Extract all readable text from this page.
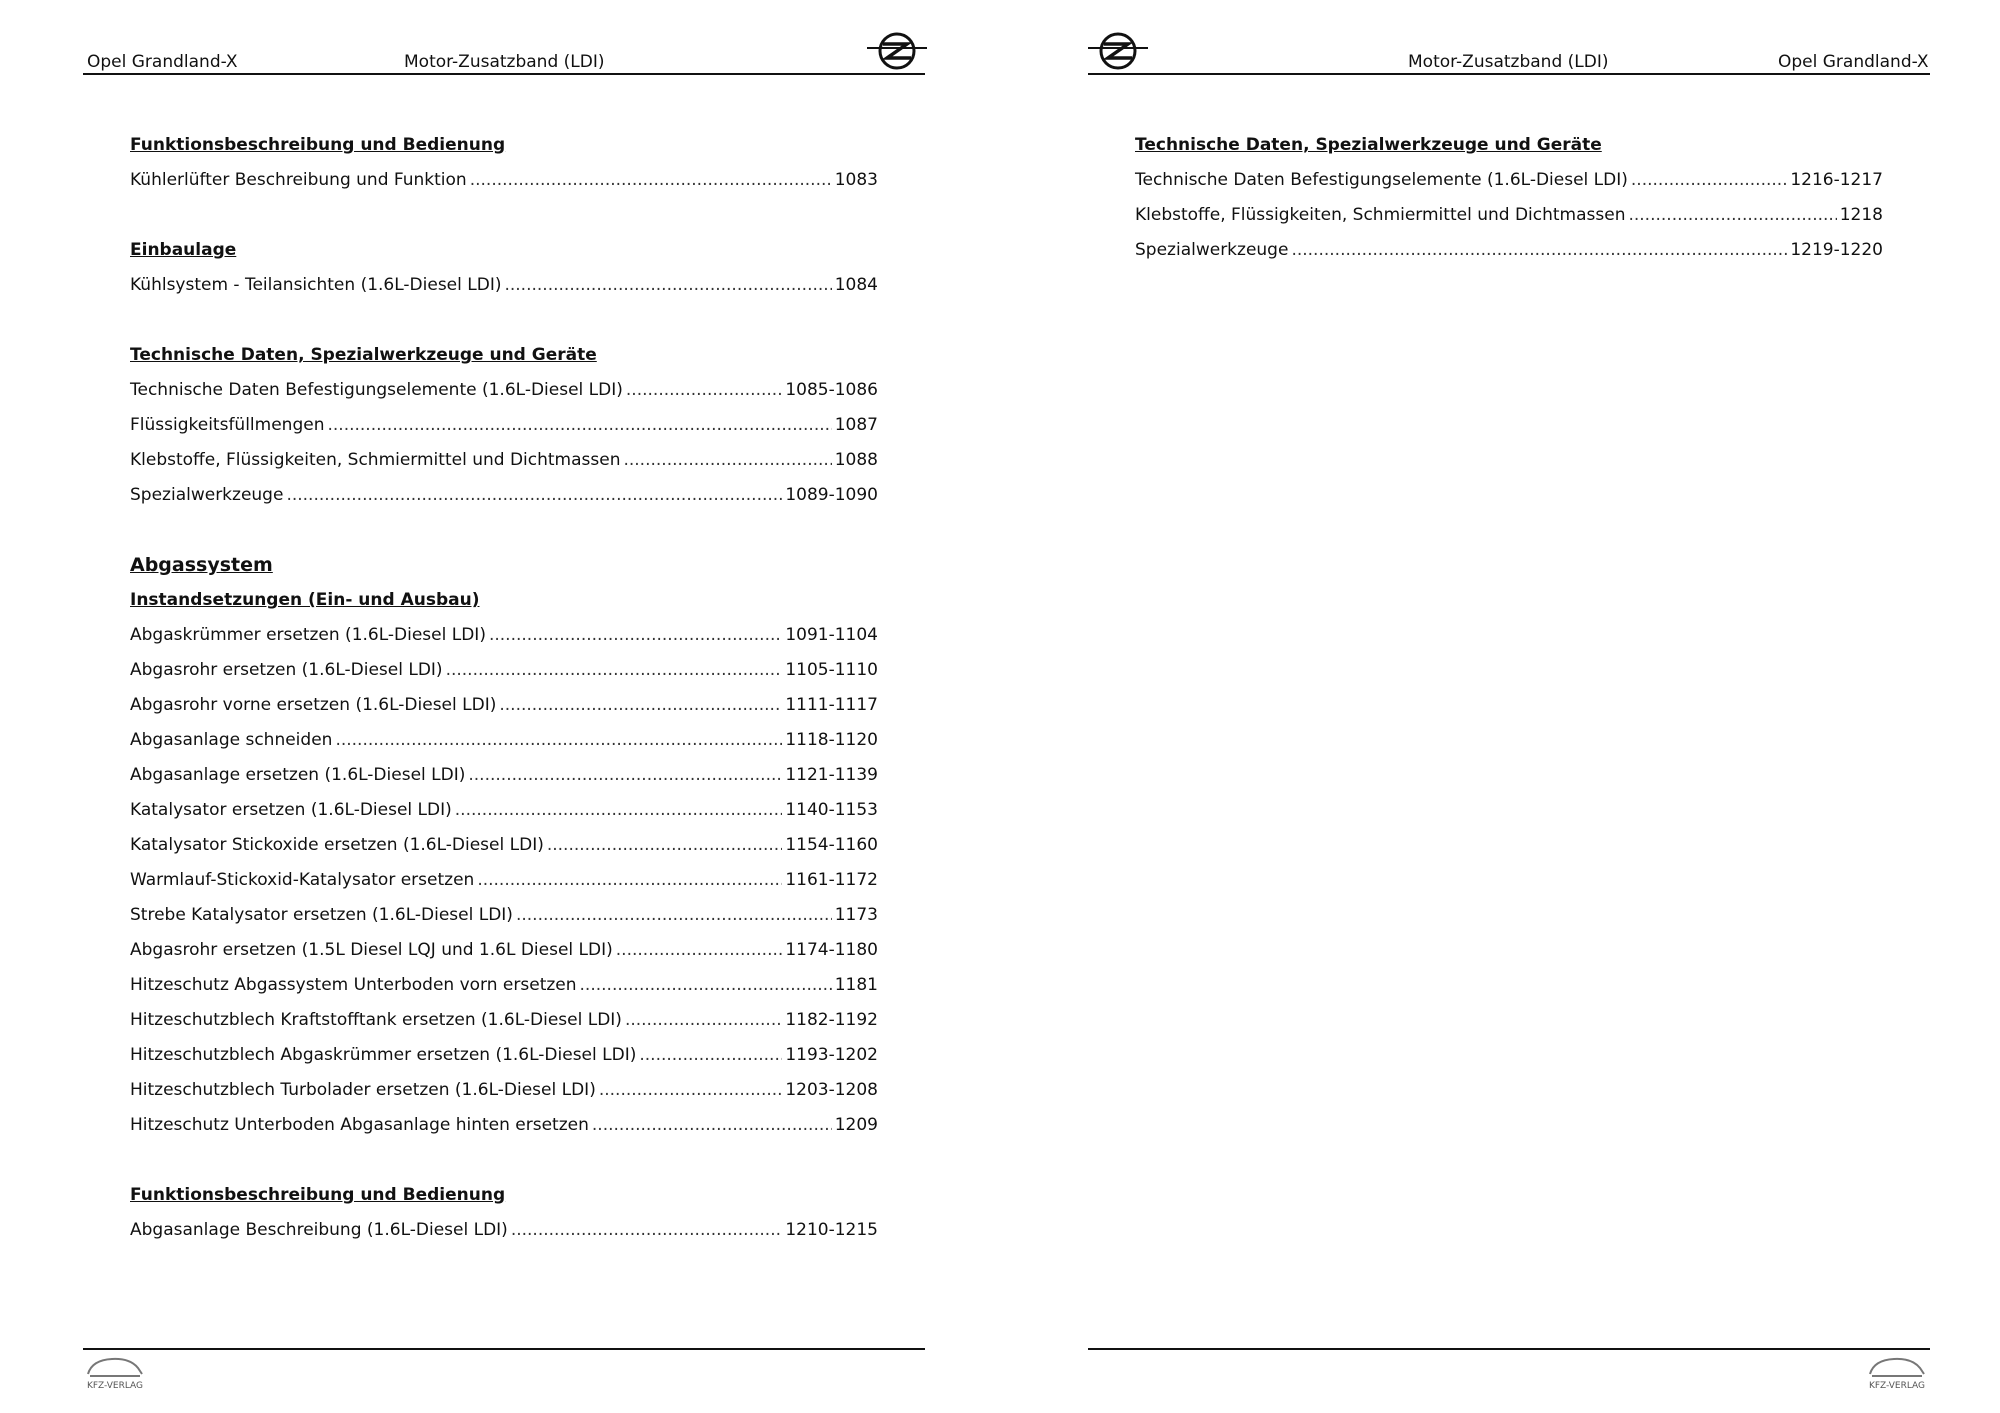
Opel Grandland-X	Motor-Zusatzband (LDI)
Funktionsbeschreibung und Bedienung
Kühlerlüfter Beschreibung und Funktion .....	1083
Einbaulage
Kühlsystem - Teilansichten (1.6L-Diesel LDI) .....	1084
Technische Daten, Spezialwerkzeuge und Geräte
Technische Daten Befestigungselemente (1.6L-Diesel LDI) .....	1085-1086
Flüssigkeitsfüllmengen .....	1087
Klebstoffe, Flüssigkeiten, Schmiermittel und Dichtmassen .....	1088
Spezialwerkzeuge .....	1089-1090
Abgassystem
Instandsetzungen (Ein- und Ausbau)
Abgaskrümmer ersetzen (1.6L-Diesel LDI) .....	1091-1104
Abgasrohr ersetzen (1.6L-Diesel LDI) .....	1105-1110
Abgasrohr vorne ersetzen (1.6L-Diesel LDI) .....	1111-1117
Abgasanlage schneiden .....	1118-1120
Abgasanlage ersetzen (1.6L-Diesel LDI) .....	1121-1139
Katalysator ersetzen (1.6L-Diesel LDI) .....	1140-1153
Katalysator Stickoxide ersetzen (1.6L-Diesel LDI) .....	1154-1160
Warmlauf-Stickoxid-Katalysator ersetzen .....	1161-1172
Strebe Katalysator ersetzen (1.6L-Diesel LDI) .....	1173
Abgasrohr ersetzen (1.5L Diesel LQJ und 1.6L Diesel LDI) .....	1174-1180
Hitzeschutz Abgassystem Unterboden vorn ersetzen .....	1181
Hitzeschutzblech Kraftstofftank ersetzen (1.6L-Diesel LDI) .....	1182-1192
Hitzeschutzblech Abgaskrümmer ersetzen (1.6L-Diesel LDI) .....	1193-1202
Hitzeschutzblech Turbolader ersetzen (1.6L-Diesel LDI) .....	1203-1208
Hitzeschutz Unterboden Abgasanlage hinten ersetzen .....	1209
Funktionsbeschreibung und Bedienung
Abgasanlage Beschreibung (1.6L-Diesel LDI) .....	1210-1215
KFZ-VERLAG
Motor-Zusatzband (LDI)	Opel Grandland-X
Technische Daten, Spezialwerkzeuge und Geräte
Technische Daten Befestigungselemente (1.6L-Diesel LDI) .....	1216-1217
Klebstoffe, Flüssigkeiten, Schmiermittel und Dichtmassen .....	1218
Spezialwerkzeuge .....	1219-1220
KFZ-VERLAG
